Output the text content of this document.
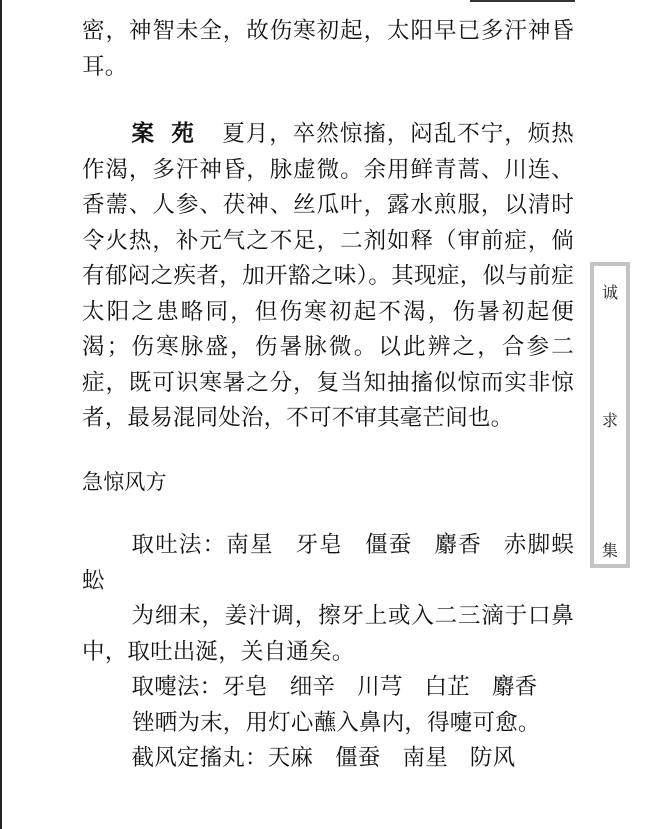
密，神智未全，故伤寒初起，太阳早已多汗神昏耳。

案 苑　 夏月，卒然惊搐，闷乱不宁，烦热作渴，多汗神昏，脉虚微。余用鲜青蒿、川连、香薷、人参、茯神、丝瓜叶，露水煎服，以清时令火热，补元气之不足，二剂如释（审前症，倘有郁闷之疾者，加开豁之味）。其现症，似与前症太阳之患略同，但伤寒初起不渴，伤暑初起便渴；伤寒脉盛，伤暑脉微。以此辨之，合参二症，既可识寒暑之分，复当知抽搐似惊而实非惊者，最易混同处治，不可不审其毫芒间也。

急惊风方

取吐法：南星 牙皂 僵蚕 麝香 赤脚蜈蚣

为细末，姜汁调，擦牙上或入二三滴于口鼻中，取吐出涎，关自通矣。

取嚏法：牙皂 细辛 川芎 白芷 麝香

锉晒为末，用灯心蘸入鼻内，得嚏可愈。

截风定搐丸：天麻 僵蚕 南星 防风

诚
求
集
